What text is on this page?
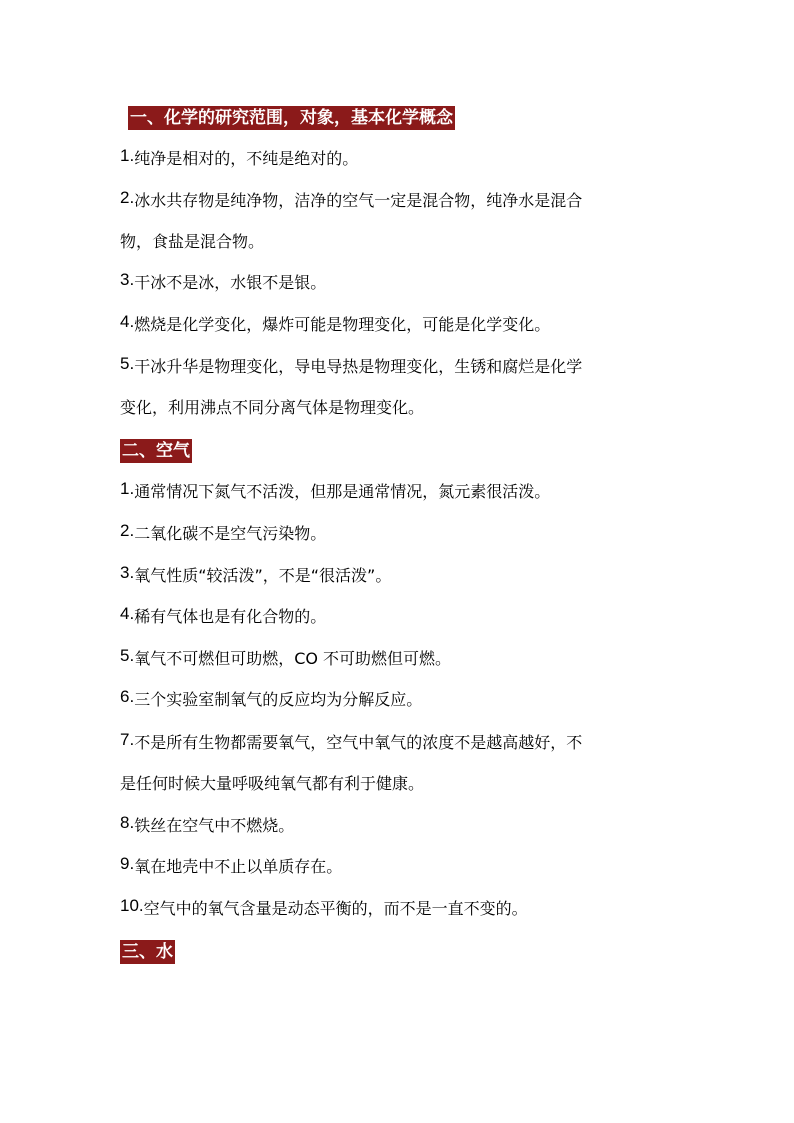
一、化学的研究范围，对象，基本化学概念
1.纯净是相对的，不纯是绝对的。
2.冰水共存物是纯净物，洁净的空气一定是混合物，纯净水是混合
物，食盐是混合物。
3.干冰不是冰，水银不是银。
4.燃烧是化学变化，爆炸可能是物理变化，可能是化学变化。
5.干冰升华是物理变化，导电导热是物理变化，生锈和腐烂是化学
变化，利用沸点不同分离气体是物理变化。
二、空气
1.通常情况下氮气不活泼，但那是通常情况，氮元素很活泼。
2.二氧化碳不是空气污染物。
3.氧气性质“较活泼”，不是“很活泼”。
4.稀有气体也是有化合物的。
5.氧气不可燃但可助燃，CO 不可助燃但可燃。
6.三个实验室制氧气的反应均为分解反应。
7.不是所有生物都需要氧气，空气中氧气的浓度不是越高越好，不
是任何时候大量呼吸纯氧气都有利于健康。
8.铁丝在空气中不燃烧。
9.氧在地壳中不止以单质存在。
10.空气中的氧气含量是动态平衡的，而不是一直不变的。
三、水
